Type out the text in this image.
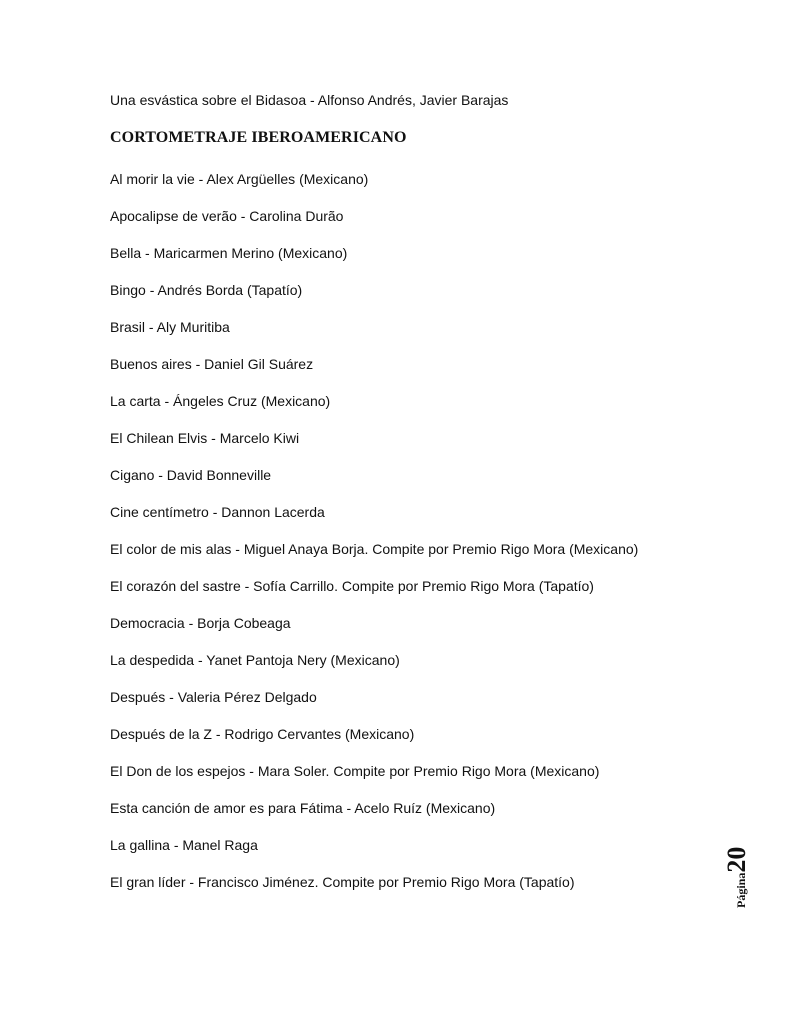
Una esvástica sobre el Bidasoa - Alfonso Andrés, Javier Barajas
CORTOMETRAJE IBEROAMERICANO
Al morir la vie - Alex Argüelles (Mexicano)
Apocalipse de verão - Carolina Durão
Bella - Maricarmen Merino (Mexicano)
Bingo - Andrés Borda (Tapatío)
Brasil - Aly Muritiba
Buenos aires - Daniel Gil Suárez
La carta - Ángeles Cruz (Mexicano)
El Chilean Elvis - Marcelo Kiwi
Cigano - David Bonneville
Cine centímetro - Dannon Lacerda
El color de mis alas - Miguel Anaya Borja. Compite por Premio Rigo Mora (Mexicano)
El corazón del sastre - Sofía Carrillo. Compite por Premio Rigo Mora (Tapatío)
Democracia - Borja Cobeaga
La despedida - Yanet Pantoja Nery (Mexicano)
Después - Valeria Pérez Delgado
Después de la Z - Rodrigo Cervantes (Mexicano)
El Don de los espejos - Mara Soler. Compite por Premio Rigo Mora (Mexicano)
Esta canción de amor es para Fátima - Acelo Ruíz (Mexicano)
La gallina - Manel Raga
El gran líder - Francisco Jiménez. Compite por Premio Rigo Mora (Tapatío)	Página20
